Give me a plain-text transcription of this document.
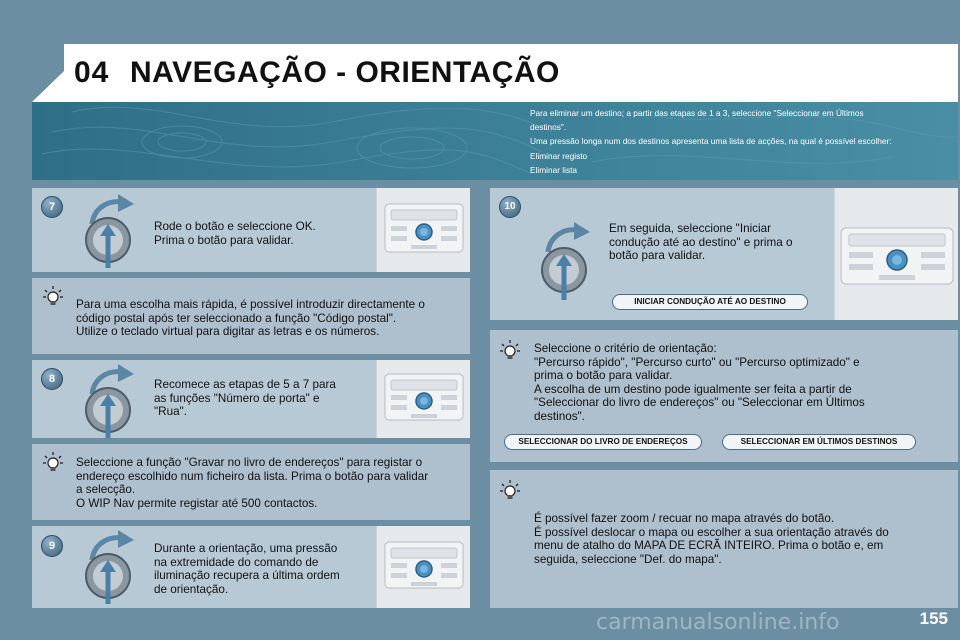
04 NAVEGAÇÃO - ORIENTAÇÃO
Para eliminar um destino; a partir das etapas de 1 a 3, seleccione "Seleccionar em Últimos
destinos".
Uma pressão longa num dos destinos apresenta uma lista de acções, na qual é possível escolher:
Eliminar registo
Eliminar lista
7
Rode o botão e seleccione OK.
Prima o botão para validar.
Para uma escolha mais rápida, é possível introduzir directamente o
código postal após ter seleccionado a função "Código postal".
Utilize o teclado virtual para digitar as letras e os números.
8	Recomece as etapas de 5 a 7 para
as funções "Número de porta" e
"Rua".
Seleccione a função "Gravar no livro de endereços" para registar o
endereço escolhido num ficheiro da lista. Prima o botão para validar
a selecção.
O WIP Nav permite registar até 500 contactos.
9	Durante a orientação, uma pressão
na extremidade do comando de
iluminação recupera a última ordem
de orientação.
10
Em seguida, seleccione "Iniciar
condução até ao destino" e prima o
botão para validar.
INICIAR CONDUÇÃO ATÉ AO DESTINO
Seleccione o critério de orientação:
"Percurso rápido", "Percurso curto" ou "Percurso optimizado" e
prima o botão para validar.
A escolha de um destino pode igualmente ser feita a partir de
"Seleccionar do livro de endereços" ou "Seleccionar em Últimos
destinos".
SELECCIONAR DO LIVRO DE ENDEREÇOS	SELECCIONAR EM ÚLTIMOS DESTINOS
É possível fazer zoom / recuar no mapa através do botão.
É possível deslocar o mapa ou escolher a sua orientação através do
menu de atalho do MAPA DE ECRÃ INTEIRO. Prima o botão e, em
seguida, seleccione "Def. do mapa".
155
carmanualsonline.info
